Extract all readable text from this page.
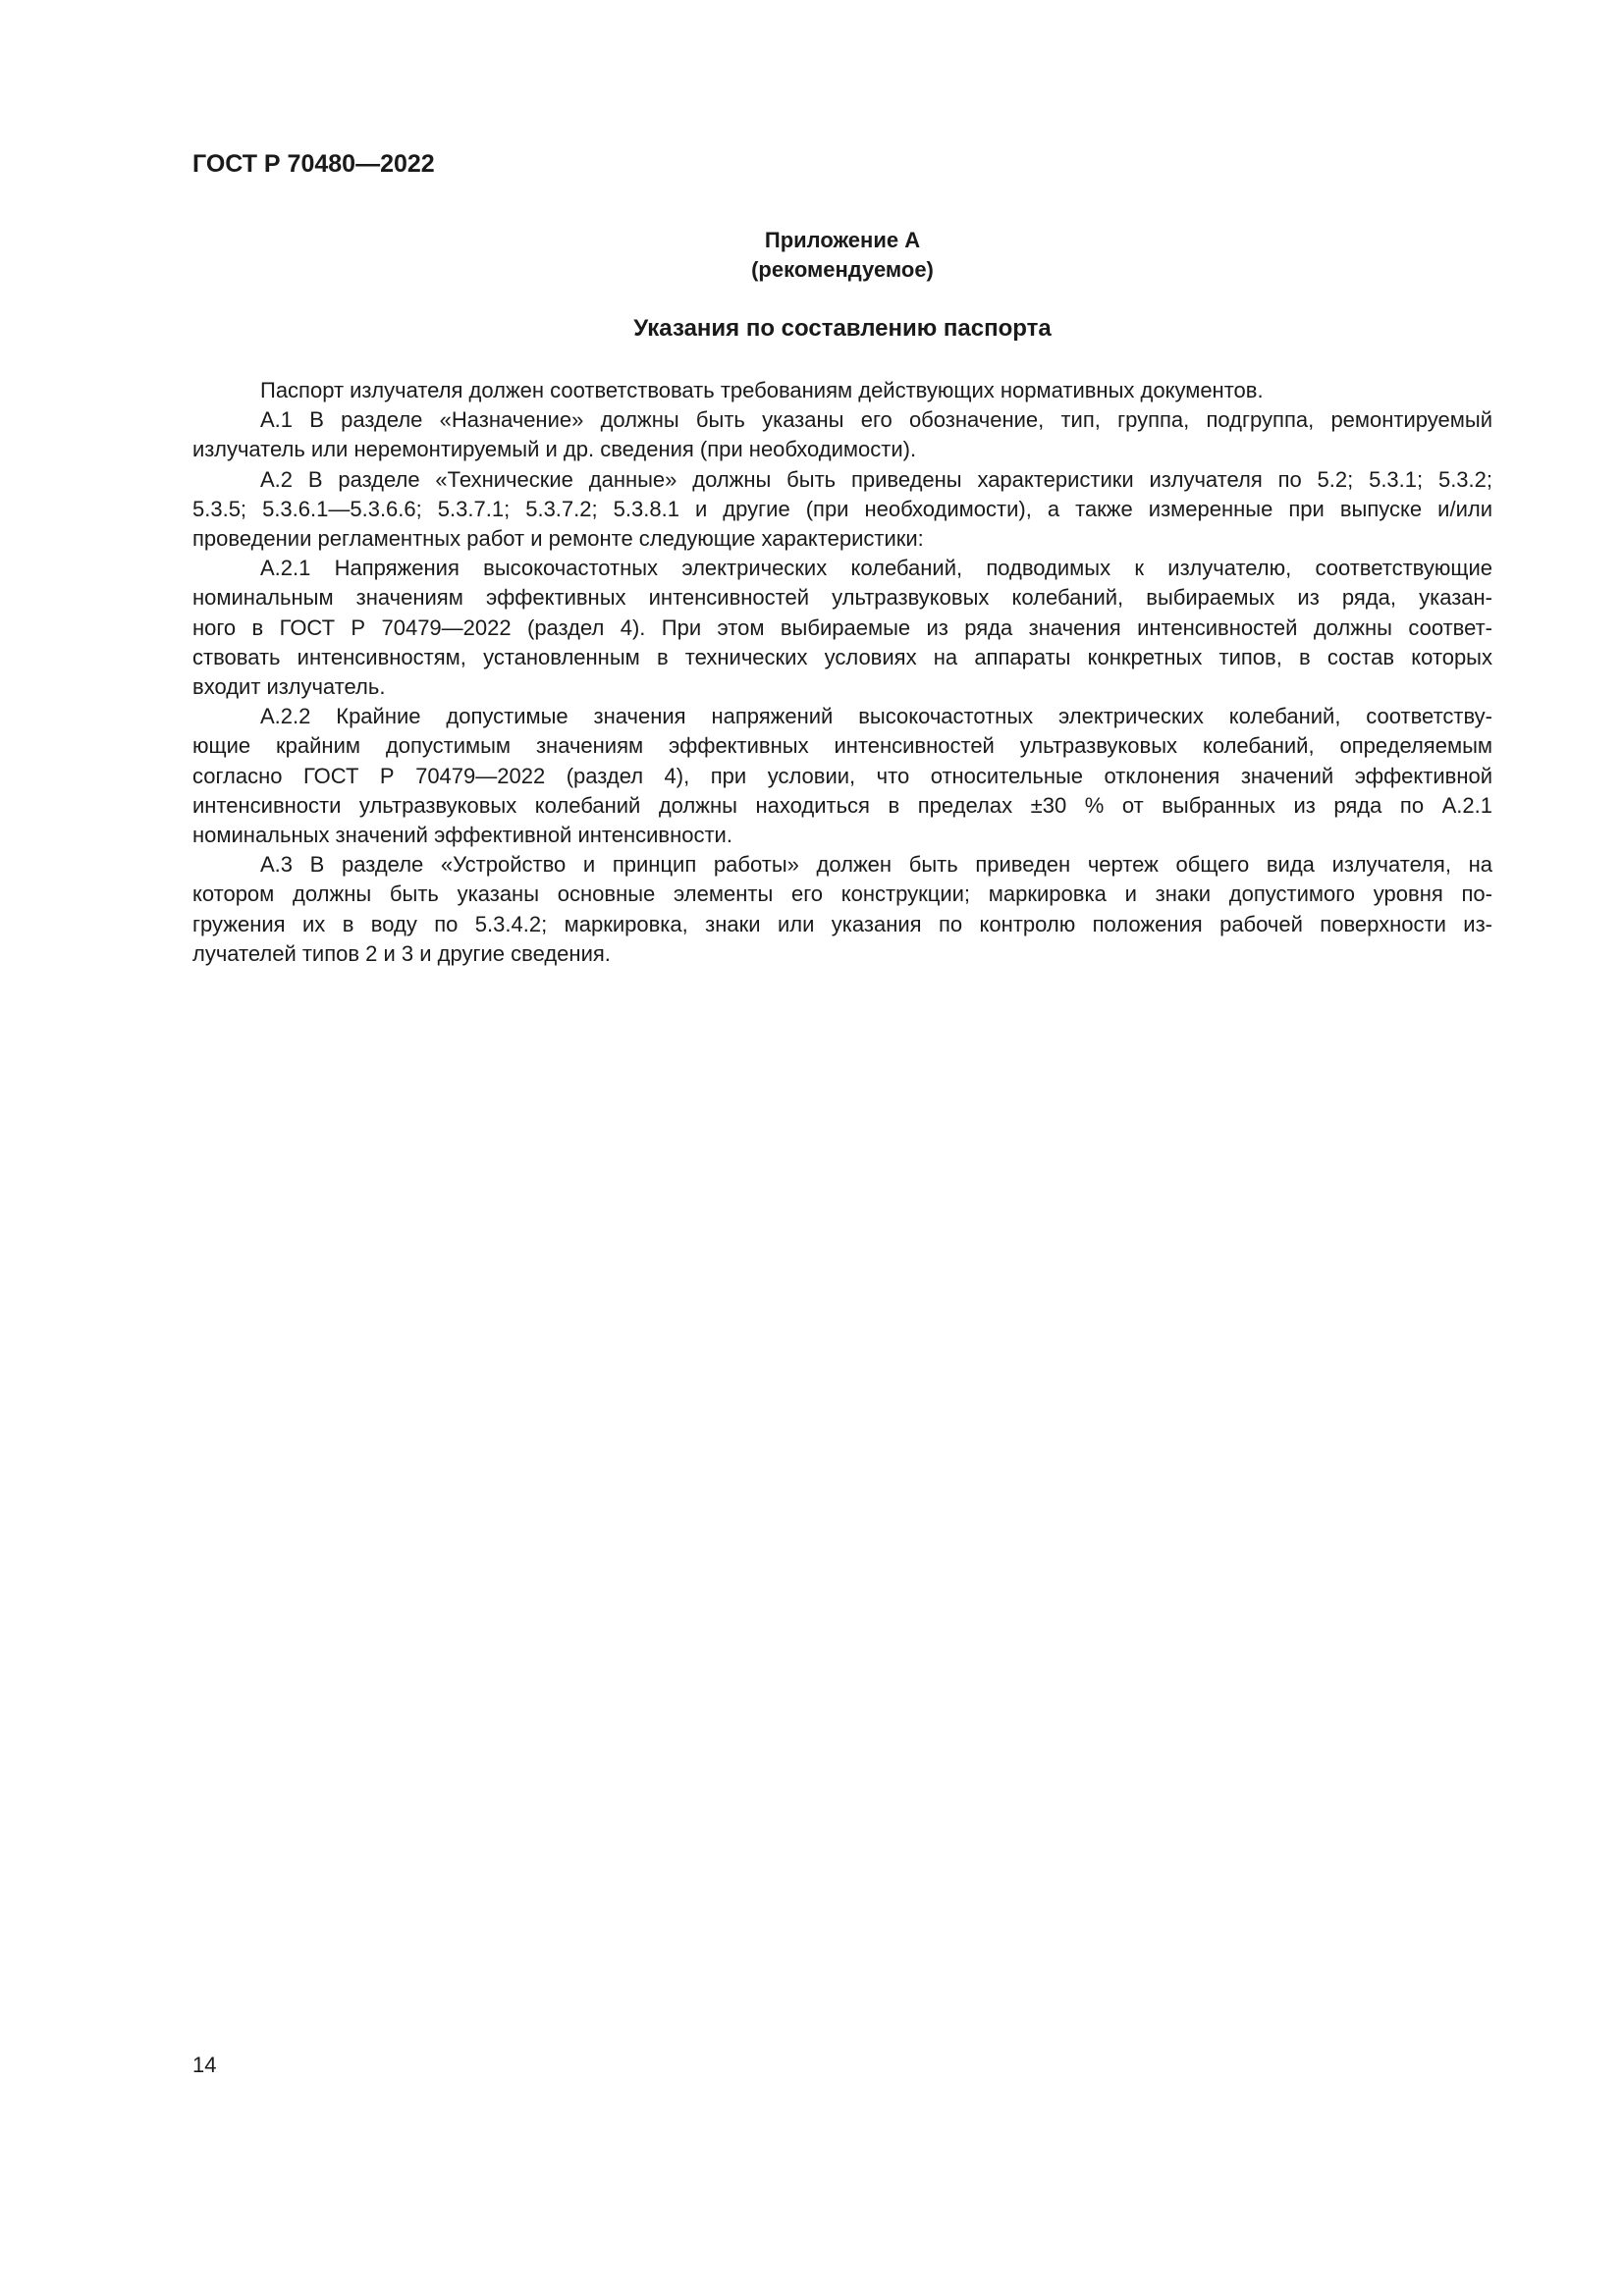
ГОСТ Р 70480—2022
Приложение А
(рекомендуемое)
Указания по составлению паспорта
Паспорт излучателя должен соответствовать требованиям действующих нормативных документов.
А.1 В разделе «Назначение» должны быть указаны его обозначение, тип, группа, подгруппа, ремонтируемый
излучатель или неремонтируемый и др. сведения (при необходимости).
А.2 В разделе «Технические данные» должны быть приведены характеристики излучателя по 5.2; 5.3.1; 5.3.2;
5.3.5; 5.3.6.1—5.3.6.6; 5.3.7.1; 5.3.7.2; 5.3.8.1 и другие (при необходимости), а также измеренные при выпуске и/или
проведении регламентных работ и ремонте следующие характеристики:
А.2.1 Напряжения высокочастотных электрических колебаний, подводимых к излучателю, соответствующие
номинальным значениям эффективных интенсивностей ультразвуковых колебаний, выбираемых из ряда, указан-
ного в ГОСТ Р 70479—2022 (раздел 4). При этом выбираемые из ряда значения интенсивностей должны соответ-
ствовать интенсивностям, установленным в технических условиях на аппараты конкретных типов, в состав которых
входит излучатель.
А.2.2 Крайние допустимые значения напряжений высокочастотных электрических колебаний, соответству-
ющие крайним допустимым значениям эффективных интенсивностей ультразвуковых колебаний, определяемым
согласно ГОСТ Р 70479—2022 (раздел 4), при условии, что относительные отклонения значений эффективной
интенсивности ультразвуковых колебаний должны находиться в пределах ±30 % от выбранных из ряда по А.2.1
номинальных значений эффективной интенсивности.
А.3 В разделе «Устройство и принцип работы» должен быть приведен чертеж общего вида излучателя, на
котором должны быть указаны основные элементы его конструкции; маркировка и знаки допустимого уровня по-
гружения их в воду по 5.3.4.2; маркировка, знаки или указания по контролю положения рабочей поверхности из-
лучателей типов 2 и 3 и другие сведения.
14
